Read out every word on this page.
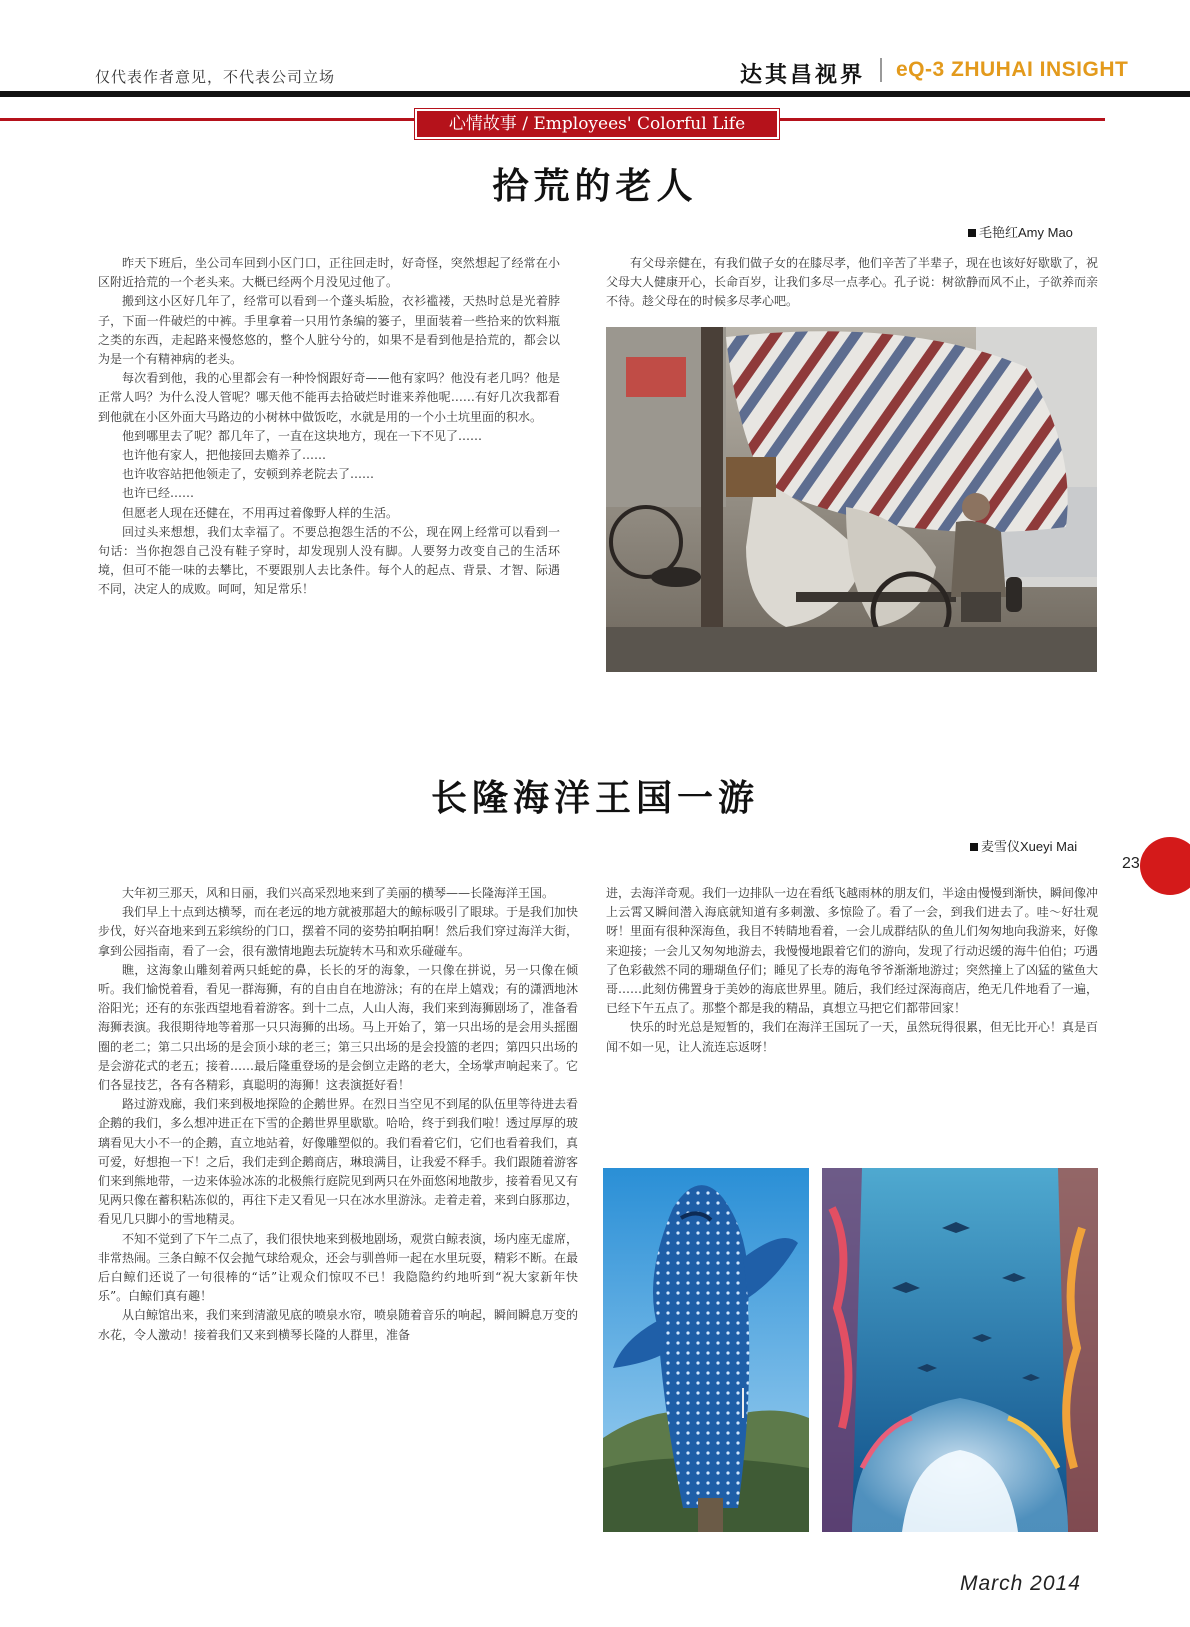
仅代表作者意见，不代表公司立场	达其昌视界 eQ-3 ZHUHAI INSIGHT
心情故事 / Employees' Colorful Life
拾荒的老人
毛艳红Amy Mao

昨天下班后，坐公司车回到小区门口，正往回走时，好奇怪，突然想起了经常在小区附近拾荒的一个老头来。大概已经两个月没见过他了。

搬到这小区好几年了，经常可以看到一个蓬头垢脸，衣衫褴褛，天热时总是光着脖子，下面一件破烂的中裤。手里拿着一只用竹条编的篓子，里面装着一些拾来的饮料瓶之类的东西，走起路来慢悠悠的，整个人脏兮兮的，如果不是看到他是拾荒的，都会以为是一个有精神病的老头。

每次看到他，我的心里都会有一种怜悯跟好奇——他有家吗？他没有老几吗？他是正常人吗？为什么没人管呢？哪天他不能再去拾破烂时谁来养他呢……有好几次我都看到他就在小区外面大马路边的小树林中做饭吃，水就是用的一个小土坑里面的积水。

他到哪里去了呢？都几年了，一直在这块地方，现在一下不见了……

也许他有家人，把他接回去赡养了……

也许收容站把他领走了，安顿到养老院去了……

也许已经……

但愿老人现在还健在，不用再过着像野人样的生活。

回过头来想想，我们太幸福了。不要总抱怨生活的不公，现在网上经常可以看到一句话：当你抱怨自己没有鞋子穿时，却发现别人没有脚。人要努力改变自己的生活环境，但可不能一味的去攀比，不要跟别人去比条件。每个人的起点、背景、才智、际遇不同，决定人的成败。呵呵，知足常乐！

有父母亲健在，有我们做子女的在膝尽孝，他们辛苦了半辈子，现在也该好好歇歇了，祝父母大人健康开心，长命百岁，让我们多尽一点孝心。孔子说：树欲静而风不止，子欲养而亲不待。趁父母在的时候多尽孝心吧。

长隆海洋王国一游
麦雪仪Xueyi Mai

大年初三那天，风和日丽，我们兴高采烈地来到了美丽的横琴——长隆海洋王国。

我们早上十点到达横琴，而在老远的地方就被那超大的鲸标吸引了眼球。于是我们加快步伐，好兴奋地来到五彩缤纷的门口，摆着不同的姿势拍啊拍啊！然后我们穿过海洋大街，拿到公园指南，看了一会，很有激情地跑去玩旋转木马和欢乐碰碰车。

瞧，这海象山雕刻着两只蚝蛇的鼻，长长的牙的海象，一只像在拼说，另一只像在倾听。我们愉悦着看，看见一群海狮，有的自由自在地游泳；有的在岸上嬉戏；有的潇洒地沐浴阳光；还有的东张西望地看着游客。到十二点，人山人海，我们来到海狮剧场了，准备看海狮表演。我很期待地等着那一只只海狮的出场。马上开始了，第一只出场的是会用头摇圈圈的老二；第二只出场的是会顶小球的老三；第三只出场的是会投篮的老四；第四只出场的是会游花式的老五；接着……最后隆重登场的是会倒立走路的老大，全场掌声响起来了。它们各显技艺，各有各精彩，真聪明的海狮！这表演挺好看！

路过游戏廊，我们来到极地探险的企鹅世界。在烈日当空见不到尾的队伍里等待进去看企鹅的我们，多么想冲进正在下雪的企鹅世界里歇歇。哈哈，终于到我们啦！透过厚厚的玻璃看见大小不一的企鹅，直立地站着，好像雕塑似的。我们看着它们，它们也看着我们，真可爱，好想抱一下！之后，我们走到企鹅商店，琳琅满目，让我爱不释手。我们跟随着游客们来到熊地带，一边来体验冰冻的北极熊行庭院见到两只在外面悠闲地散步，接着看见又有见两只像在蓄积粘冻似的，再往下走又看见一只在冰水里游泳。走着走着，来到白豚那边，看见几只脚小的雪地精灵。

不知不觉到了下午二点了，我们很快地来到极地剧场，观赏白鲸表演，场内座无虚席，非常热闹。三条白鲸不仅会抛气球给观众，还会与驯兽师一起在水里玩耍，精彩不断。在最后白鲸们还说了一句很棒的“话”让观众们惊叹不已！我隐隐约约地听到“祝大家新年快乐”。白鲸们真有趣！

从白鲸馆出来，我们来到清澈见底的喷泉水帘，喷泉随着音乐的响起，瞬间瞬息万变的水花，令人激动！接着我们又来到横琴长隆的人群里，准备

进，去海洋奇观。我们一边排队一边在看纸飞越雨林的朋友们，半途由慢慢到渐快，瞬间像冲上云霄又瞬间潜入海底就知道有多刺激、多惊险了。看了一会，到我们进去了。哇～好壮观呀！里面有很种深海鱼，我目不转睛地看着，一会儿成群结队的鱼儿们匆匆地向我游来，好像来迎接；一会儿又匆匆地游去，我慢慢地跟着它们的游向，发现了行动迟缓的海牛伯伯；巧遇了色彩截然不同的珊瑚鱼仔们；睡见了长寿的海龟爷爷渐渐地游过；突然撞上了凶猛的鲨鱼大哥……此刻仿佛置身于美妙的海底世界里。随后，我们经过深海商店，绝无几件地看了一遍，已经下午五点了。那整个都是我的精品，真想立马把它们都带回家！

快乐的时光总是短暂的，我们在海洋王国玩了一天，虽然玩得很累，但无比开心！真是百闻不如一见，让人流连忘返呀！

23
March 2014
